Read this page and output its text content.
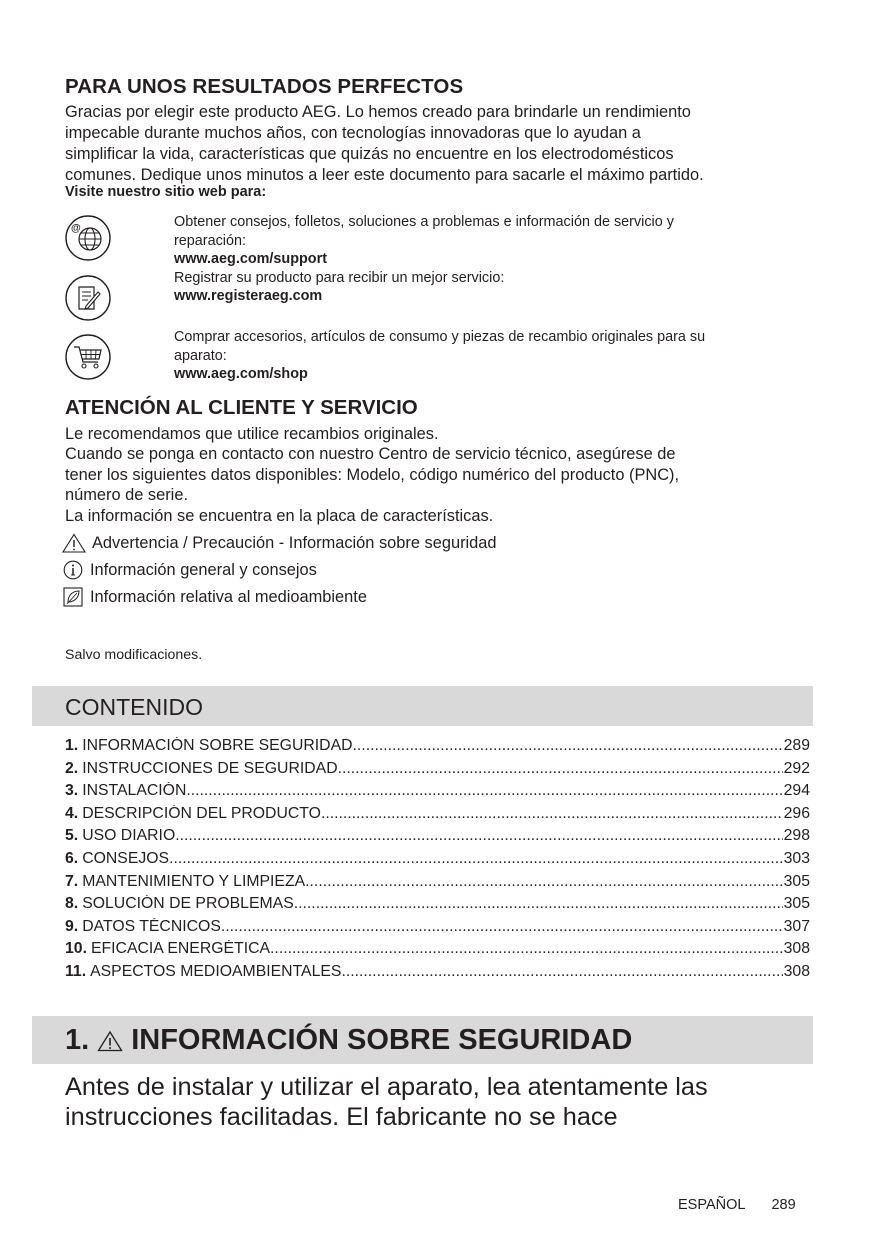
PARA UNOS RESULTADOS PERFECTOS

Gracias por elegir este producto AEG. Lo hemos creado para brindarle un rendimiento

impecable durante muchos años, con tecnologías innovadoras que lo ayudan a

simplificar la vida, características que quizás no encuentre en los electrodomésticos

comunes. Dedique unos minutos a leer este documento para sacarle el máximo partido.

Visite nuestro sitio web para:
@	Obtener consejos, folletos, soluciones a problemas e información de servicio y
reparación:
www.aeg.com/support
Registrar su producto para recibir un mejor servicio:
www.registeraeg.com
Comprar accesorios, artículos de consumo y piezas de recambio originales para su
aparato:
www.aeg.com/shop
ATENCIÓN AL CLIENTE Y SERVICIO

Le recomendamos que utilice recambios originales.

Cuando se ponga en contacto con nuestro Centro de servicio técnico, asegúrese de

tener los siguientes datos disponibles: Modelo, código numérico del producto (PNC),

número de serie.

La información se encuentra en la placa de características.

Advertencia / Precaución - Información sobre seguridad
Información general y consejos
Información relativa al medioambiente
Salvo modificaciones.
CONTENIDO
1. INFORMACIÓN SOBRE SEGURIDAD .....	289
2. INSTRUCCIONES DE SEGURIDAD .....	292
3. INSTALACIÓN .....	294
4. DESCRIPCIÓN DEL PRODUCTO .....	296
5. USO DIARIO .....	298
6. CONSEJOS .....	303
7. MANTENIMIENTO Y LIMPIEZA .....	305
8. SOLUCIÓN DE PROBLEMAS .....	305
9. DATOS TÉCNICOS .....	307
10. EFICACIA ENERGÉTICA .....	308
11. ASPECTOS MEDIOAMBIENTALES .....	308
1. INFORMACIÓN SOBRE SEGURIDAD
Antes de instalar y utilizar el aparato, lea atentamente las
instrucciones facilitadas. El fabricante no se hace
ESPAÑOL 289
